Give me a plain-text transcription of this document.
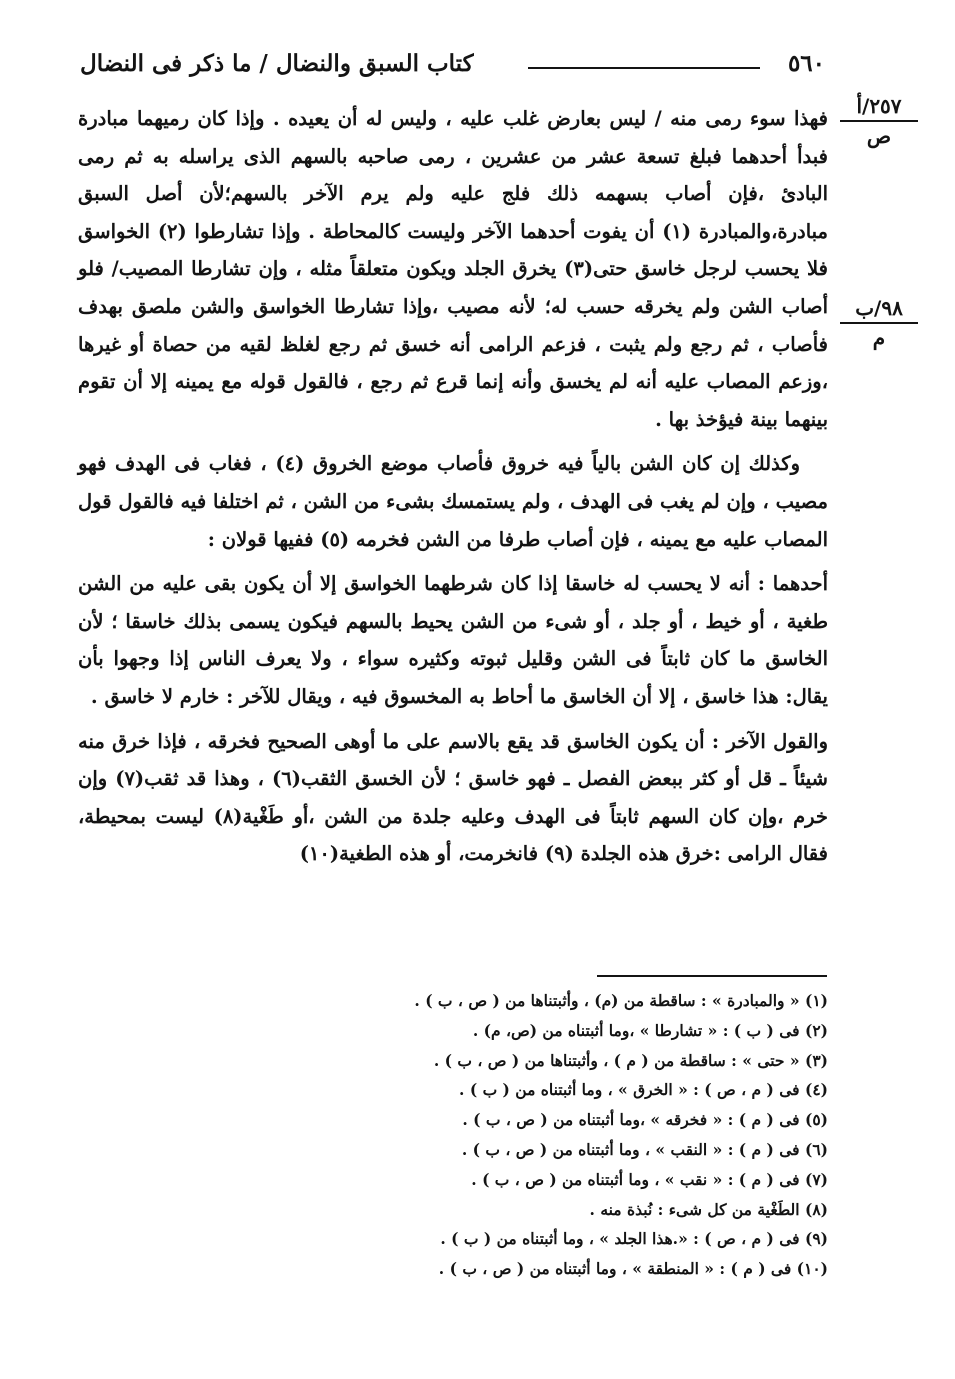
كتاب السبق والنضال / ما ذكر فى النضال	٥٦٠
٢٥٧/أ
ص
٩٨/ب
م

فهذا سوء رمى منه / ليس بعارض غلب عليه ، وليس له أن يعيده . وإذا كان رميهما مبادرة فبدأ أحدهما فبلغ تسعة عشر من عشرين ، رمى صاحبه بالسهم الذى يراسله به ثم رمى البادئ ،فإن أصاب بسهمه ذلك فلج عليه ولم يرم الآخر بالسهم؛لأن أصل السبق مبادرة،والمبادرة (١) أن يفوت أحدهما الآخر وليست كالمحاطة . وإذا تشارطوا (٢) الخواسق فلا يحسب لرجل خاسق حتى(٣) يخرق الجلد ويكون متعلقاً مثله ، وإن تشارطا المصيب/ فلو أصاب الشن ولم يخرقه حسب له؛ لأنه مصيب ،وإذا تشارطا الخواسق والشن ملصق بهدف فأصاب ، ثم رجع ولم يثبت ، فزعم الرامى أنه خسق ثم رجع لغلظ لقيه من حصاة أو غيرها ،وزعم المصاب عليه أنه لم يخسق وأنه إنما قرع ثم رجع ، فالقول قوله مع يمينه إلا أن تقوم بينهما بينة فيؤخذ بها .

وكذلك إن كان الشن بالياً فيه خروق فأصاب موضع الخروق (٤) ، فغاب فى الهدف فهو مصيب ، وإن لم يغب فى الهدف ، ولم يستمسك بشىء من الشن ، ثم اختلفا فيه فالقول قول المصاب عليه مع يمينه ، فإن أصاب طرفا من الشن فخرمه (٥) ففيها قولان :

أحدهما : أنه لا يحسب له خاسقا إذا كان شرطهما الخواسق إلا أن يكون بقى عليه من الشن طغية ، أو خيط ، أو جلد ، أو شىء من الشن يحيط بالسهم فيكون يسمى بذلك خاسقا ؛ لأن الخاسق ما كان ثابتاً فى الشن وقليل ثبوته وكثيره سواء ، ولا يعرف الناس إذا وجهوا بأن يقال: هذا خاسق ، إلا أن الخاسق ما أحاط به المخسوق فيه ، ويقال للآخر : خارم لا خاسق .

والقول الآخر : أن يكون الخاسق قد يقع بالاسم على ما أوهى الصحيح فخرقه ، فإذا خرق منه شيئاً ـ قل أو كثر ببعض الفصل ـ فهو خاسق ؛ لأن الخسق الثقب(٦) ، وهذا قد ثقب(٧) وإن خرم ،وإن كان السهم ثابتاً فى الهدف وعليه جلدة من الشن ،أو طَغْية(٨) ليست بمحيطة، فقال الرامى :خرق هذه الجلدة (٩) فانخرمت، أو هذه الطغية(١٠)

(١) « والمبادرة » : ساقطة من (م) ، وأثبتناها من ( ص ، ب ) .
(٢) فى ( ب ) : « تشارطا » ،وما أثبتناه من (ص، م) .
(٣) « حتى » : ساقطة من ( م ) ، وأثبتناها من ( ص ، ب ) .
(٤) فى ( م ، ص ) : « الخرق » ، وما أثبتناه من ( ب ) .
(٥) فى ( م ) : « فخرقه » ،وما أثبتناه من ( ص ، ب ) .
(٦) فى ( م ) : « النقب » ، وما أثبتناه من ( ص ، ب ) .
(٧) فى ( م ) : « نقب » ، وما أثبتناه من ( ص ، ب ) .
(٨) الطَغْية من كل شىء : نُبذة منه .
(٩) فى ( م ، ص ) : «.هذا الجلد » ، وما أثبتناه من ( ب ) .
(١٠) فى ( م ) : « المنطقة » ، وما أثبتناه من ( ص ، ب ) .
